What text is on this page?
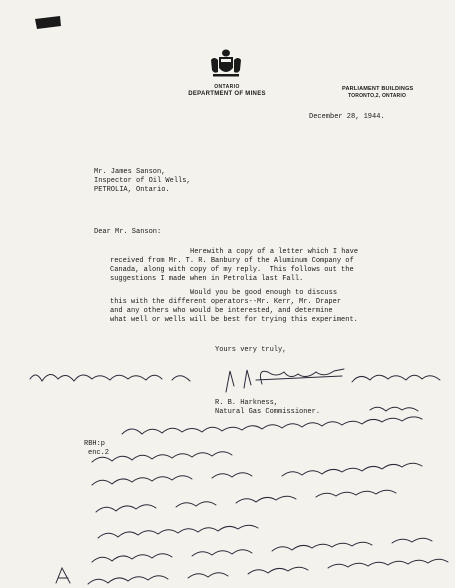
ONTARIO
DEPARTMENT OF MINES
PARLIAMENT BUILDINGS
TORONTO,2, ONTARIO
December 28, 1944.
Mr. James Sanson,
Inspector of Oil Wells,
PETROLIA, Ontario.
Dear Mr. Sanson:
Herewith a copy of a letter which I have
received from Mr. T. R. Banbury of the Aluminum Company of
Canada, along with copy of my reply.  This follows out the
suggestions I made when in Petrolia last Fall.
Would you be good enough to discuss
this with the different operators--Mr. Kerr, Mr. Draper
and any others who would be interested, and determine
what well or wells will be best for trying this experiment.
Yours very truly,
R. B. Harkness,
Natural Gas Commissioner.
RBH:p
enc.2
